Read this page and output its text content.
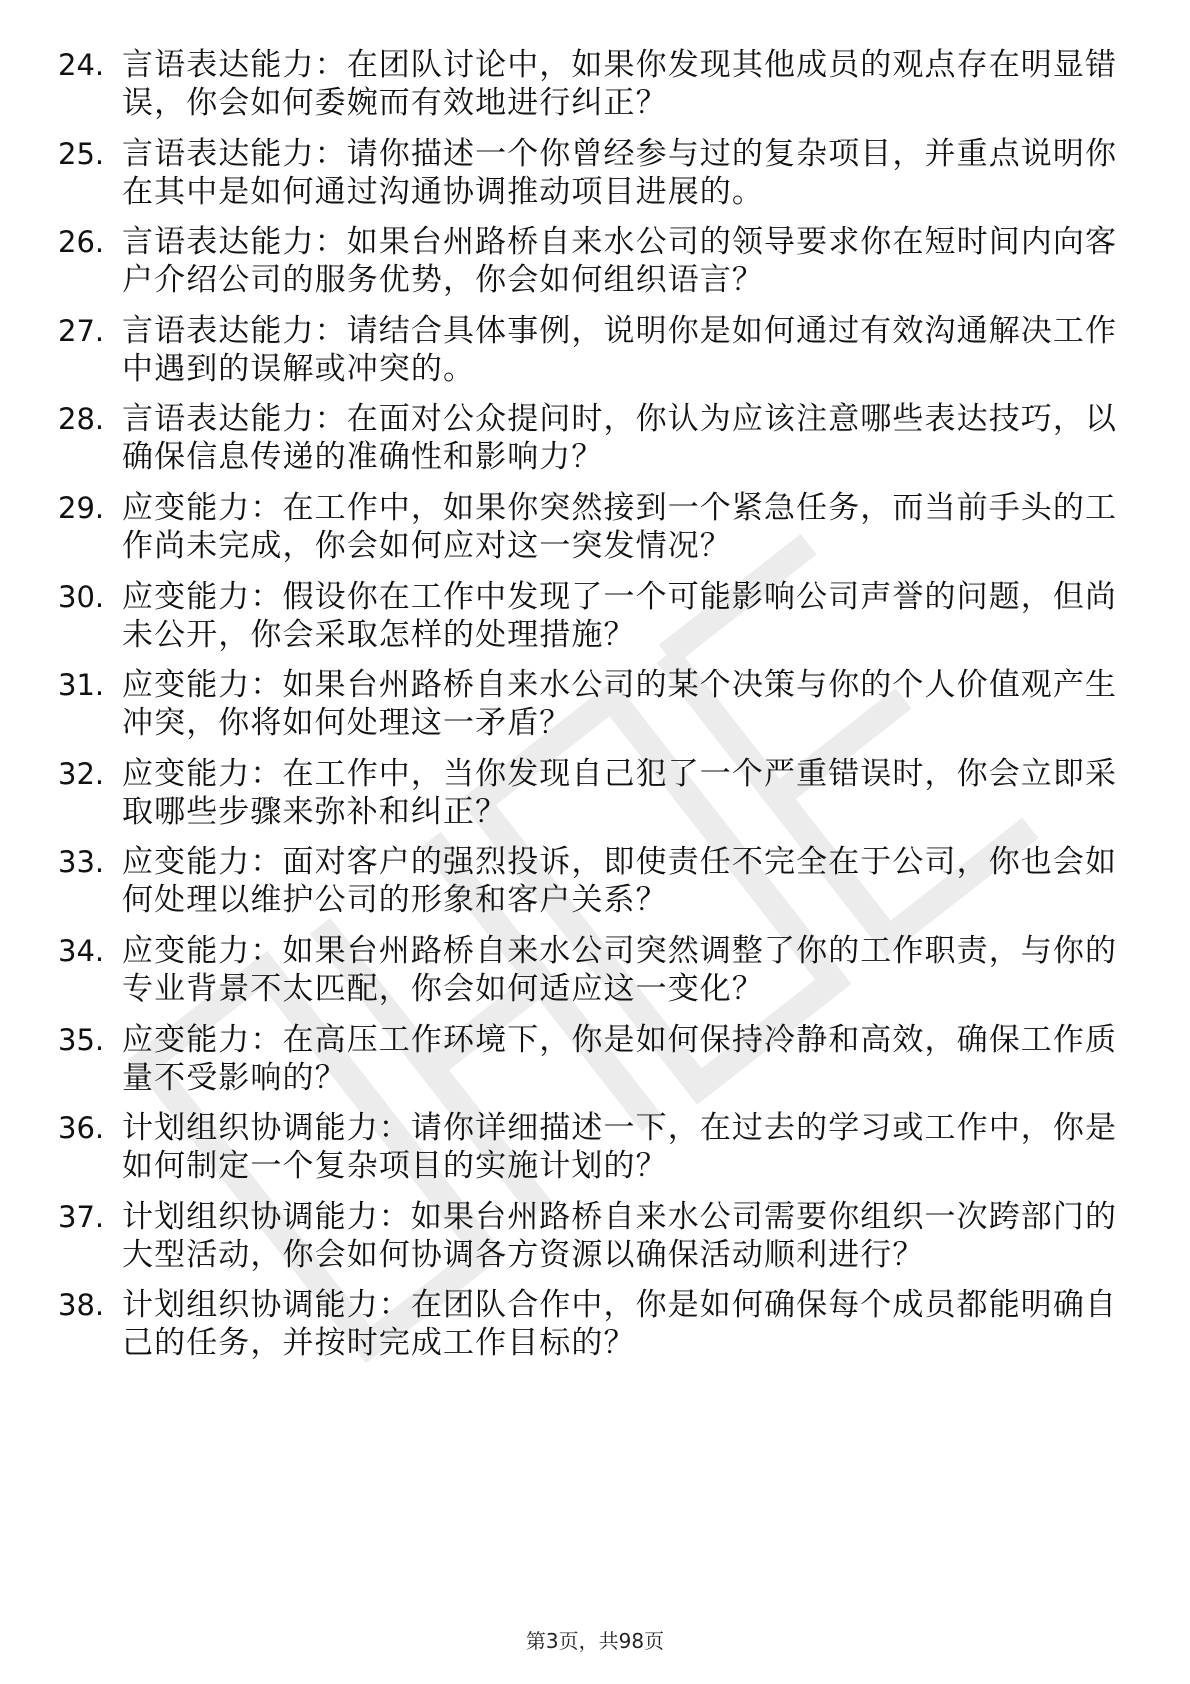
24. 言语表达能力：在团队讨论中，如果你发现其他成员的观点存在明显错误，你会如何委婉而有效地进行纠正？
25. 言语表达能力：请你描述一个你曾经参与过的复杂项目，并重点说明你在其中是如何通过沟通协调推动项目进展的。
26. 言语表达能力：如果台州路桥自来水公司的领导要求你在短时间内向客户介绍公司的服务优势，你会如何组织语言？
27. 言语表达能力：请结合具体事例，说明你是如何通过有效沟通解决工作中遇到的误解或冲突的。
28. 言语表达能力：在面对公众提问时，你认为应该注意哪些表达技巧，以确保信息传递的准确性和影响力？
29. 应变能力：在工作中，如果你突然接到一个紧急任务，而当前手头的工作尚未完成，你会如何应对这一突发情况？
30. 应变能力：假设你在工作中发现了一个可能影响公司声誉的问题，但尚未公开，你会采取怎样的处理措施？
31. 应变能力：如果台州路桥自来水公司的某个决策与你的个人价值观产生冲突，你将如何处理这一矛盾？
32. 应变能力：在工作中，当你发现自己犯了一个严重错误时，你会立即采取哪些步骤来弥补和纠正？
33. 应变能力：面对客户的强烈投诉，即使责任不完全在于公司，你也会如何处理以维护公司的形象和客户关系？
34. 应变能力：如果台州路桥自来水公司突然调整了你的工作职责，与你的专业背景不太匹配，你会如何适应这一变化？
35. 应变能力：在高压工作环境下，你是如何保持冷静和高效，确保工作质量不受影响的？
36. 计划组织协调能力：请你详细描述一下，在过去的学习或工作中，你是如何制定一个复杂项目的实施计划的？
37. 计划组织协调能力：如果台州路桥自来水公司需要你组织一次跨部门的大型活动，你会如何协调各方资源以确保活动顺利进行？
38. 计划组织协调能力：在团队合作中，你是如何确保每个成员都能明确自己的任务，并按时完成工作目标的？
第3页，共98页
